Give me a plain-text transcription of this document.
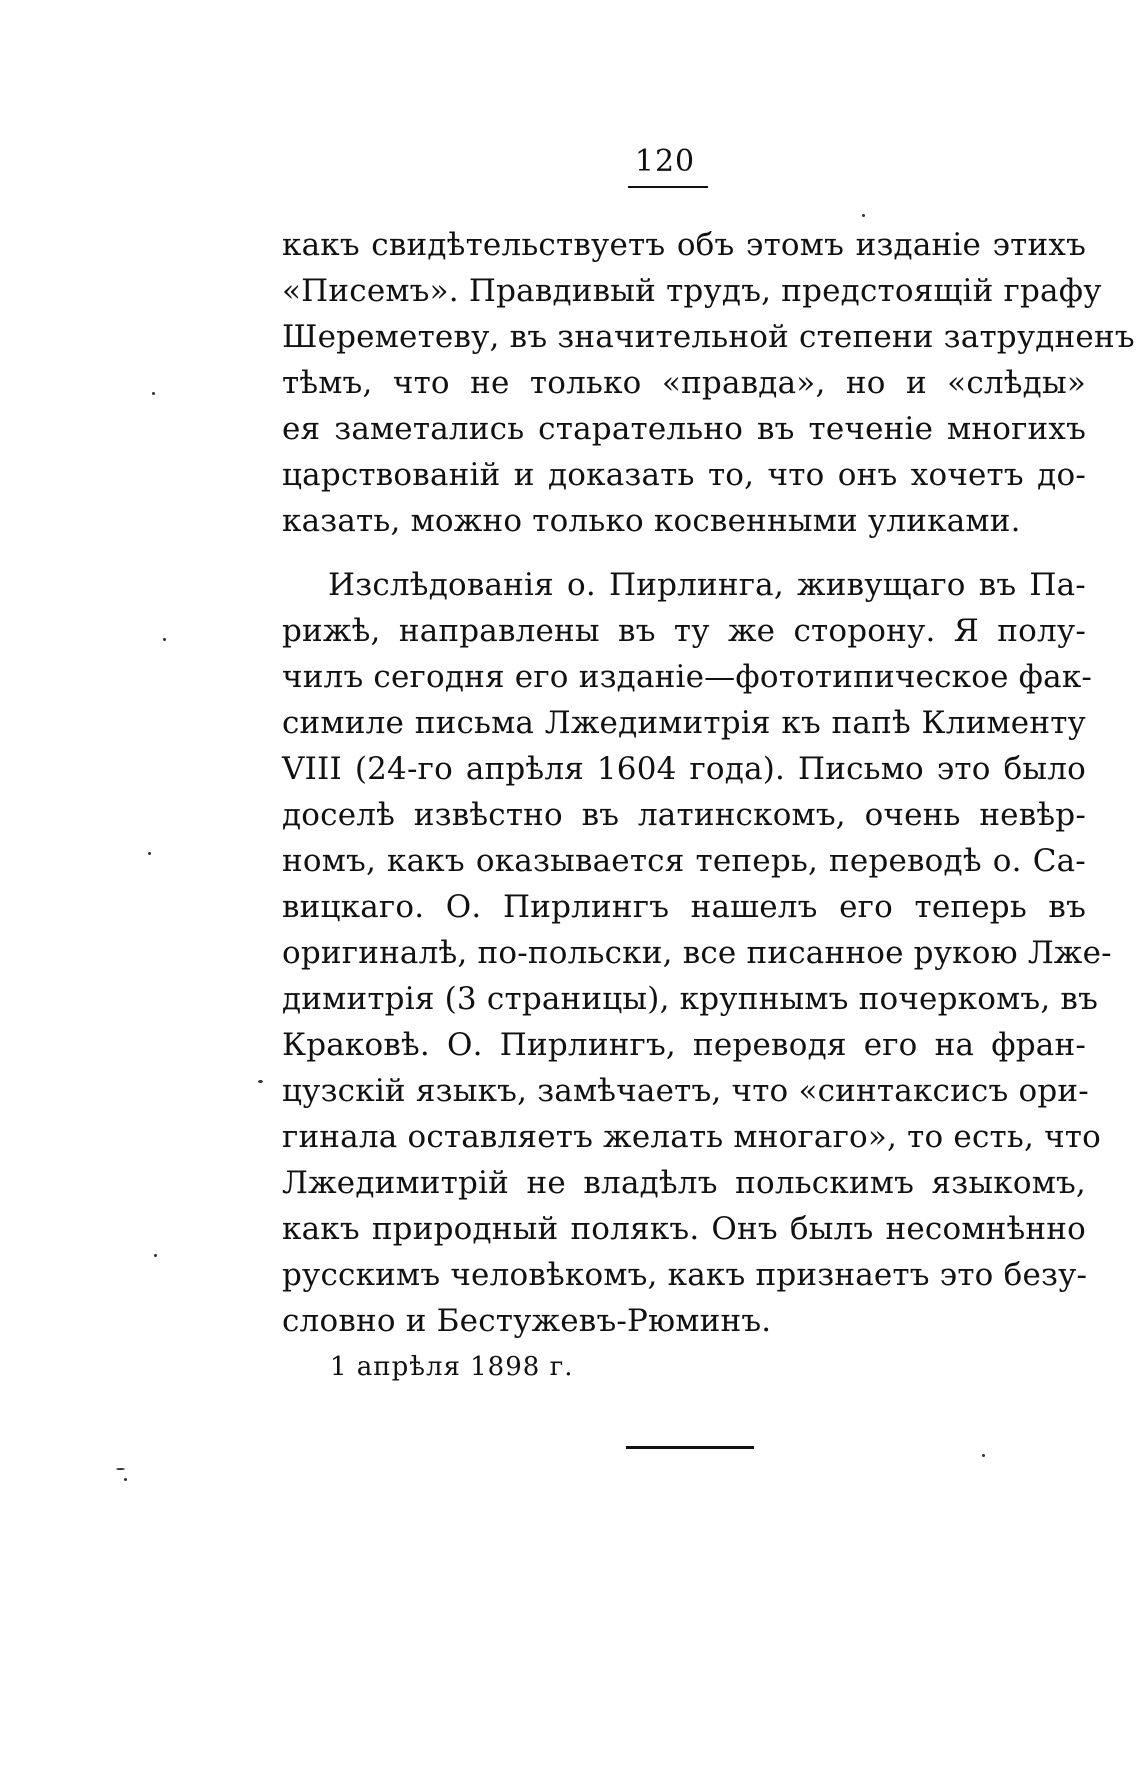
120
какъ свидѣтельствуетъ объ этомъ изданіе этихъ
«Писемъ». Правдивый трудъ, предстоящій графу
Шереметеву, въ значительной степени затрудненъ
тѣмъ, что не только «правда», но и «слѣды»
ея заметались старательно въ теченіе многихъ
царствованій и доказать то, что онъ хочетъ до-
казать, можно только косвенными уликами.
Изслѣдованія о. Пирлинга, живущаго въ Па-
рижѣ, направлены въ ту же сторону. Я полу-
чилъ сегодня его изданіе—фототипическое фак-
симиле письма Лжедимитрія къ папѣ Клименту
VIII (24-го апрѣля 1604 года). Письмо это было
доселѣ извѣстно въ латинскомъ, очень невѣр-
номъ, какъ оказывается теперь, переводѣ о. Са-
вицкаго. О. Пирлингъ нашелъ его теперь въ
оригиналѣ, по-польски, все писанное рукою Лже-
димитрія (3 страницы), крупнымъ почеркомъ, въ
Краковѣ. О. Пирлингъ, переводя его на фран-
цузскій языкъ, замѣчаетъ, что «синтаксисъ ори-
гинала оставляетъ желать многаго», то есть, что
Лжедимитрій не владѣлъ польскимъ языкомъ,
какъ природный полякъ. Онъ былъ несомнѣнно
русскимъ человѣкомъ, какъ признаетъ это безу-
словно и Бестужевъ-Рюминъ.
1 апрѣля 1898 г.
